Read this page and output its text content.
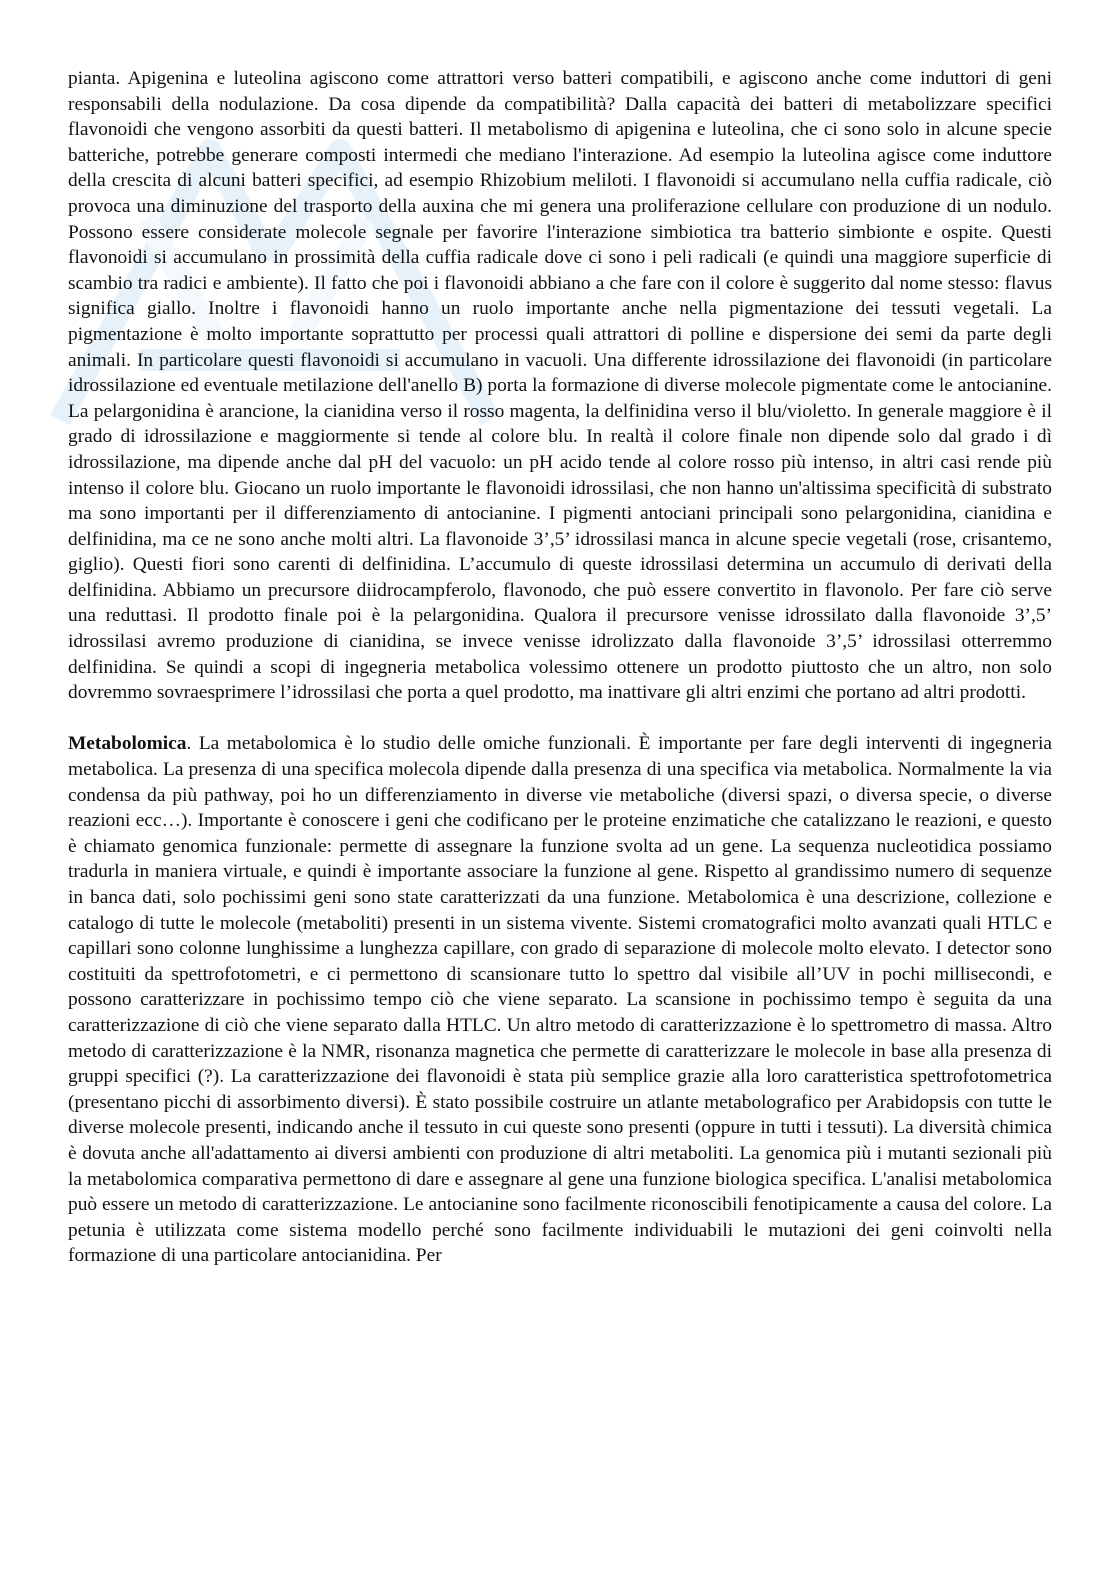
pianta. Apigenina e luteolina agiscono come attrattori verso batteri compatibili, e agiscono anche come induttori di geni responsabili della nodulazione. Da cosa dipende da compatibilità? Dalla capacità dei batteri di metabolizzare specifici flavonoidi che vengono assorbiti da questi batteri. Il metabolismo di apigenina e luteolina, che ci sono solo in alcune specie batteriche, potrebbe generare composti intermedi che mediano l'interazione. Ad esempio la luteolina agisce come induttore della crescita di alcuni batteri specifici, ad esempio Rhizobium meliloti. I flavonoidi si accumulano nella cuffia radicale, ciò provoca una diminuzione del trasporto della auxina che mi genera una proliferazione cellulare con produzione di un nodulo. Possono essere considerate molecole segnale per favorire l'interazione simbiotica tra batterio simbionte e ospite. Questi flavonoidi si accumulano in prossimità della cuffia radicale dove ci sono i peli radicali (e quindi una maggiore superficie di scambio tra radici e ambiente). Il fatto che poi i flavonoidi abbiano a che fare con il colore è suggerito dal nome stesso: flavus significa giallo. Inoltre i flavonoidi hanno un ruolo importante anche nella pigmentazione dei tessuti vegetali. La pigmentazione è molto importante soprattutto per processi quali attrattori di polline e dispersione dei semi da parte degli animali. In particolare questi flavonoidi si accumulano in vacuoli. Una differente idrossilazione dei flavonoidi (in particolare idrossilazione ed eventuale metilazione dell'anello B) porta la formazione di diverse molecole pigmentate come le antocianine. La pelargonidina è arancione, la cianidina verso il rosso magenta, la delfinidina verso il blu/violetto. In generale maggiore è il grado di idrossilazione e maggiormente si tende al colore blu. In realtà il colore finale non dipende solo dal grado i dì idrossilazione, ma dipende anche dal pH del vacuolo: un pH acido tende al colore rosso più intenso, in altri casi rende più intenso il colore blu. Giocano un ruolo importante le flavonoidi idrossilasi, che non hanno un'altissima specificità di substrato ma sono importanti per il differenziamento di antocianine. I pigmenti antociani principali sono pelargonidina, cianidina e delfinidina, ma ce ne sono anche molti altri. La flavonoide 3’,5’ idrossilasi manca in alcune specie vegetali (rose, crisantemo, giglio). Questi fiori sono carenti di delfinidina. L’accumulo di queste idrossilasi determina un accumulo di derivati della delfinidina. Abbiamo un precursore diidrocampferolo, flavonodo, che può essere convertito in flavonolo. Per fare ciò serve una reduttasi. Il prodotto finale poi è la pelargonidina. Qualora il precursore venisse idrossilato dalla flavonoide 3’,5’ idrossilasi avremo produzione di cianidina, se invece venisse idrolizzato dalla flavonoide 3’,5’ idrossilasi otterremmo delfinidina. Se quindi a scopi di ingegneria metabolica volessimo ottenere un prodotto piuttosto che un altro, non solo dovremmo sovraesprimere l’idrossilasi che porta a quel prodotto, ma inattivare gli altri enzimi che portano ad altri prodotti.

Metabolomica. La metabolomica è lo studio delle omiche funzionali. È importante per fare degli interventi di ingegneria metabolica. La presenza di una specifica molecola dipende dalla presenza di una specifica via metabolica. Normalmente la via condensa da più pathway, poi ho un differenziamento in diverse vie metaboliche (diversi spazi, o diversa specie, o diverse reazioni ecc…). Importante è conoscere i geni che codificano per le proteine enzimatiche che catalizzano le reazioni, e questo è chiamato genomica funzionale: permette di assegnare la funzione svolta ad un gene. La sequenza nucleotidica possiamo tradurla in maniera virtuale, e quindi è importante associare la funzione al gene. Rispetto al grandissimo numero di sequenze in banca dati, solo pochissimi geni sono state caratterizzati da una funzione. Metabolomica è una descrizione, collezione e catalogo di tutte le molecole (metaboliti) presenti in un sistema vivente. Sistemi cromatografici molto avanzati quali HTLC e capillari sono colonne lunghissime a lunghezza capillare, con grado di separazione di molecole molto elevato. I detector sono costituiti da spettrofotometri, e ci permettono di scansionare tutto lo spettro dal visibile all’UV in pochi millisecondi, e possono caratterizzare in pochissimo tempo ciò che viene separato. La scansione in pochissimo tempo è seguita da una caratterizzazione di ciò che viene separato dalla HTLC. Un altro metodo di caratterizzazione è lo spettrometro di massa. Altro metodo di caratterizzazione è la NMR, risonanza magnetica che permette di caratterizzare le molecole in base alla presenza di gruppi specifici (?). La caratterizzazione dei flavonoidi è stata più semplice grazie alla loro caratteristica spettrofotometrica (presentano picchi di assorbimento diversi). È stato possibile costruire un atlante metabolografico per Arabidopsis con tutte le diverse molecole presenti, indicando anche il tessuto in cui queste sono presenti (oppure in tutti i tessuti). La diversità chimica è dovuta anche all'adattamento ai diversi ambienti con produzione di altri metaboliti. La genomica più i mutanti sezionali più la metabolomica comparativa permettono di dare e assegnare al gene una funzione biologica specifica. L'analisi metabolomica può essere un metodo di caratterizzazione. Le antocianine sono facilmente riconoscibili fenotipicamente a causa del colore. La petunia è utilizzata come sistema modello perché sono facilmente individuabili le mutazioni dei geni coinvolti nella formazione di una particolare antocianidina. Per
